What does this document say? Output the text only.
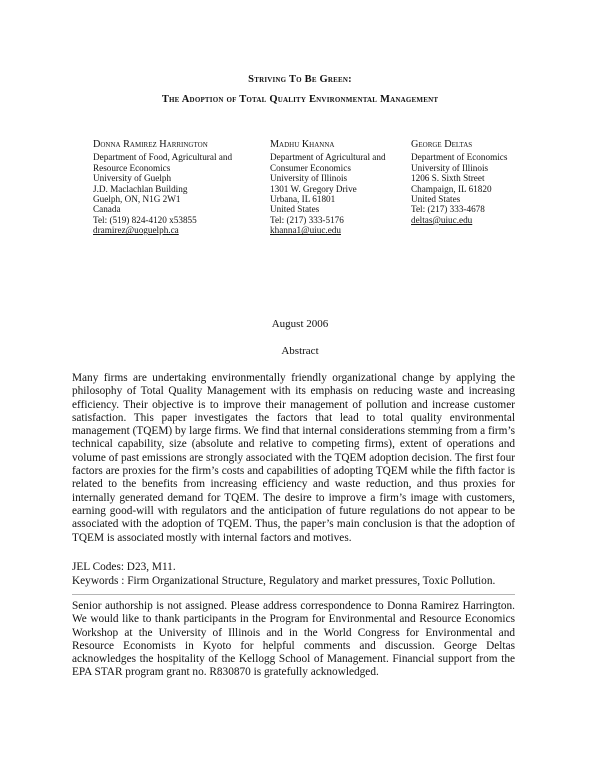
Striving To Be Green:
The Adoption of Total Quality Environmental Management
Donna Ramirez Harrington
Department of Food, Agricultural and
Resource Economics
University of Guelph
J.D. Maclachlan Building
Guelph, ON, N1G 2W1
Canada
Tel: (519) 824-4120 x53855
dramirez@uoguelph.ca
Madhu Khanna
Department of Agricultural and
Consumer Economics
University of Illinois
1301 W. Gregory Drive
Urbana, IL 61801
United States
Tel: (217) 333-5176
khanna1@uiuc.edu
George Deltas
Department of Economics
University of Illinois
1206 S. Sixth Street
Champaign, IL 61820
United States
Tel: (217) 333-4678
deltas@uiuc.edu
August 2006
Abstract

Many firms are undertaking environmentally friendly organizational change by applying the philosophy of Total Quality Management with its emphasis on reducing waste and increasing efficiency. Their objective is to improve their management of pollution and increase customer satisfaction. This paper investigates the factors that lead to total quality environmental management (TQEM) by large firms. We find that internal considerations stemming from a firm’s technical capability, size (absolute and relative to competing firms), extent of operations and volume of past emissions are strongly associated with the TQEM adoption decision. The first four factors are proxies for the firm’s costs and capabilities of adopting TQEM while the fifth factor is related to the benefits from increasing efficiency and waste reduction, and thus proxies for internally generated demand for TQEM. The desire to improve a firm’s image with customers, earning good-will with regulators and the anticipation of future regulations do not appear to be associated with the adoption of TQEM. Thus, the paper’s main conclusion is that the adoption of TQEM is associated mostly with internal factors and motives.

JEL Codes: D23, M11.
Keywords : Firm Organizational Structure, Regulatory and market pressures, Toxic Pollution.

Senior authorship is not assigned. Please address correspondence to Donna Ramirez Harrington. We would like to thank participants in the Program for Environmental and Resource Economics Workshop at the University of Illinois and in the World Congress for Environmental and Resource Economists in Kyoto for helpful comments and discussion. George Deltas acknowledges the hospitality of the Kellogg School of Management. Financial support from the EPA STAR program grant no. R830870 is gratefully acknowledged.
